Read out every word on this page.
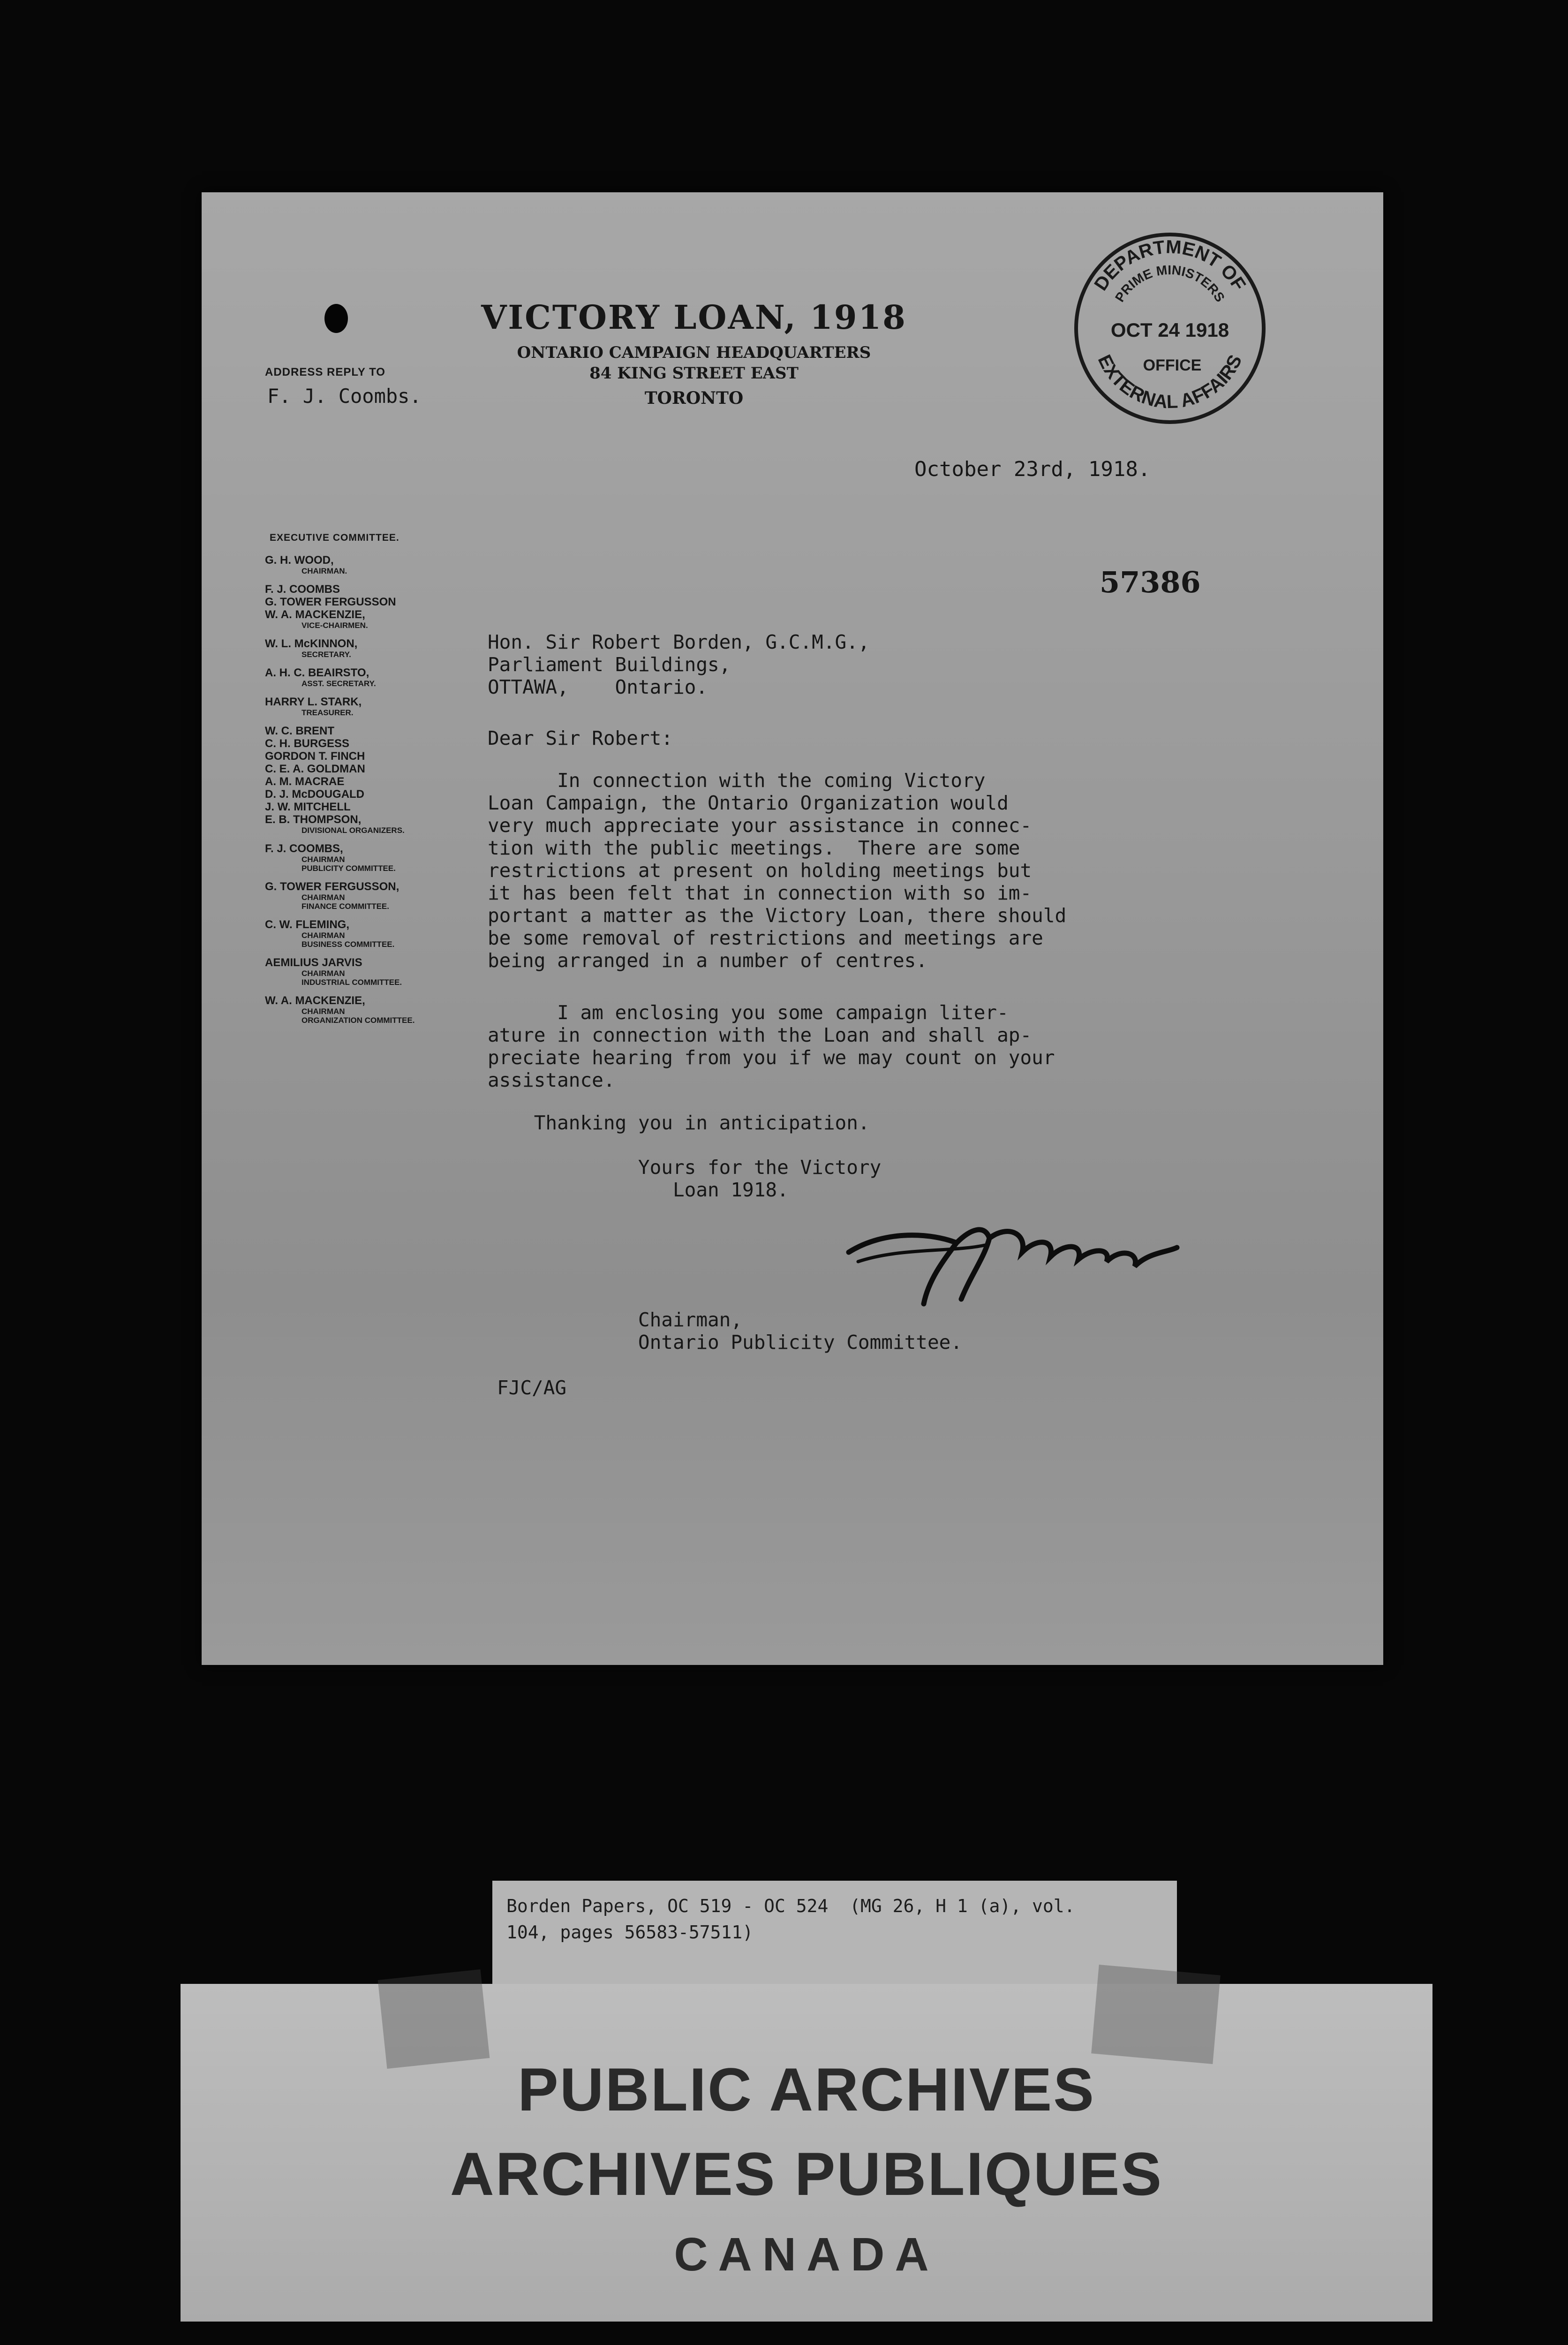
VICTORY LOAN, 1918
ONTARIO CAMPAIGN HEADQUARTERS
84 KING STREET EAST
TORONTO
DEPARTMENT OF
PRIME MINISTERS
OCT 24 1918
OFFICE
EXTERNAL AFFAIRS
ADDRESS REPLY TO
F. J. Coombs.
October 23rd, 1918.
57386
EXECUTIVE COMMITTEE.
G. H. WOOD,
CHAIRMAN.
F. J. COOMBS
G. TOWER FERGUSSON
W. A. MACKENZIE,
VICE-CHAIRMEN.
W. L. McKINNON,
SECRETARY.
A. H. C. BEAIRSTO,
ASST. SECRETARY.
HARRY L. STARK,
TREASURER.
W. C. BRENT
C. H. BURGESS
GORDON T. FINCH
C. E. A. GOLDMAN
A. M. MACRAE
D. J. McDOUGALD
J. W. MITCHELL
E. B. THOMPSON,
DIVISIONAL ORGANIZERS.
F. J. COOMBS,
CHAIRMAN
PUBLICITY COMMITTEE.
G. TOWER FERGUSSON,
CHAIRMAN
FINANCE COMMITTEE.
C. W. FLEMING,
CHAIRMAN
BUSINESS COMMITTEE.
AEMILIUS JARVIS
CHAIRMAN
INDUSTRIAL COMMITTEE.
W. A. MACKENZIE,
CHAIRMAN
ORGANIZATION COMMITTEE.
Hon. Sir Robert Borden, G.C.M.G.,
Parliament Buildings,
OTTAWA,    Ontario.
Dear Sir Robert:
In connection with the coming Victory
Loan Campaign, the Ontario Organization would
very much appreciate your assistance in connec-
tion with the public meetings.  There are some
restrictions at present on holding meetings but
it has been felt that in connection with so im-
portant a matter as the Victory Loan, there should
be some removal of restrictions and meetings are
being arranged in a number of centres.
I am enclosing you some campaign liter-
ature in connection with the Loan and shall ap-
preciate hearing from you if we may count on your
assistance.
Thanking you in anticipation.
Yours for the Victory
Loan 1918.
Chairman,
Ontario Publicity Committee.
FJC/AG
Borden Papers, OC 519 - OC 524  (MG 26, H 1 (a), vol.
104, pages 56583-57511)
PUBLIC ARCHIVES
ARCHIVES PUBLIQUES
CANADA
